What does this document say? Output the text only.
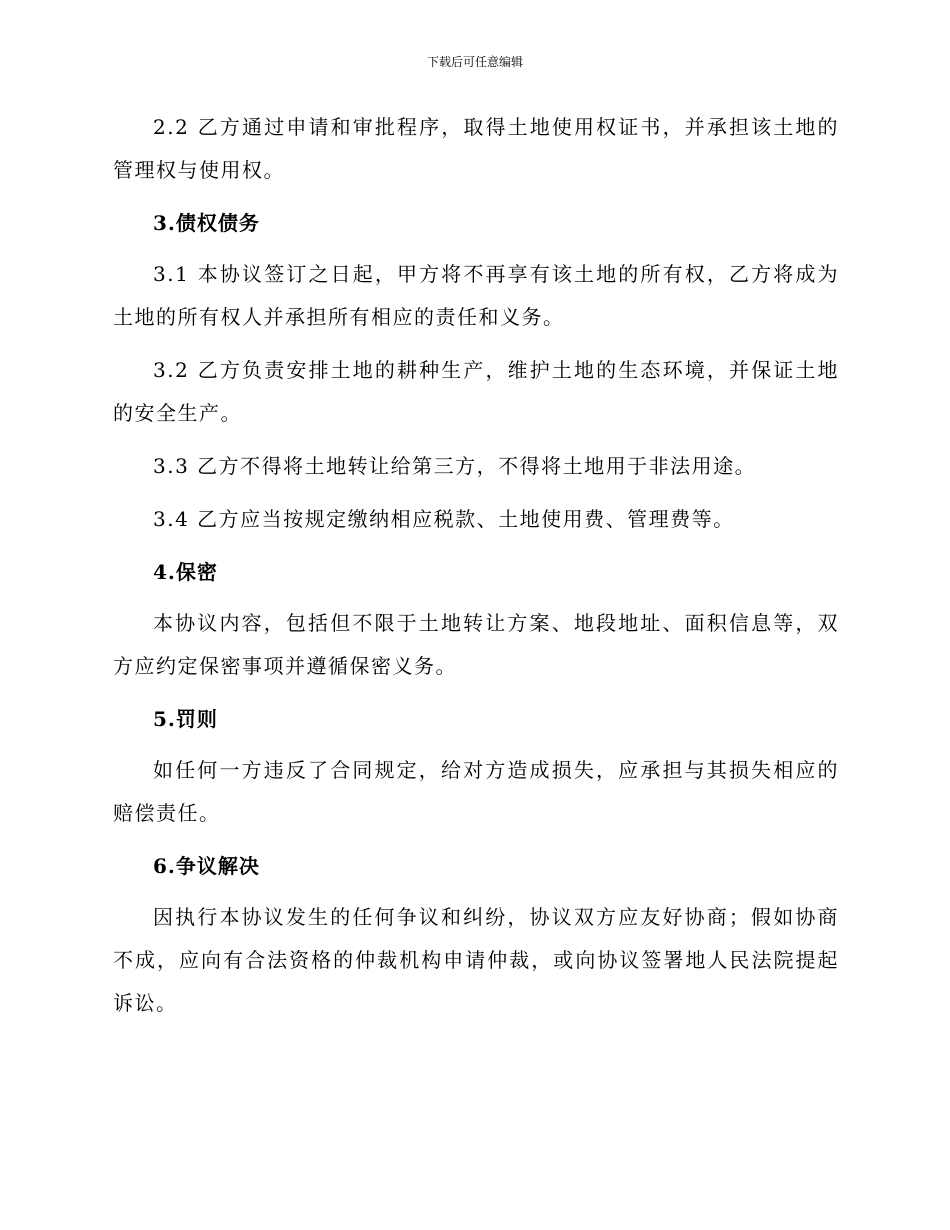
下载后可任意编辑

2.2 乙方通过申请和审批程序，取得土地使用权证书，并承担该土地的管理权与使用权。

3.债权债务

3.1 本协议签订之日起，甲方将不再享有该土地的所有权，乙方将成为土地的所有权人并承担所有相应的责任和义务。

3.2 乙方负责安排土地的耕种生产，维护土地的生态环境，并保证土地的安全生产。

3.3 乙方不得将土地转让给第三方，不得将土地用于非法用途。

3.4 乙方应当按规定缴纳相应税款、土地使用费、管理费等。

4.保密

本协议内容，包括但不限于土地转让方案、地段地址、面积信息等，双方应约定保密事项并遵循保密义务。

5.罚则

如任何一方违反了合同规定，给对方造成损失，应承担与其损失相应的赔偿责任。

6.争议解决

因执行本协议发生的任何争议和纠纷，协议双方应友好协商；假如协商不成，应向有合法资格的仲裁机构申请仲裁，或向协议签署地人民法院提起诉讼。
